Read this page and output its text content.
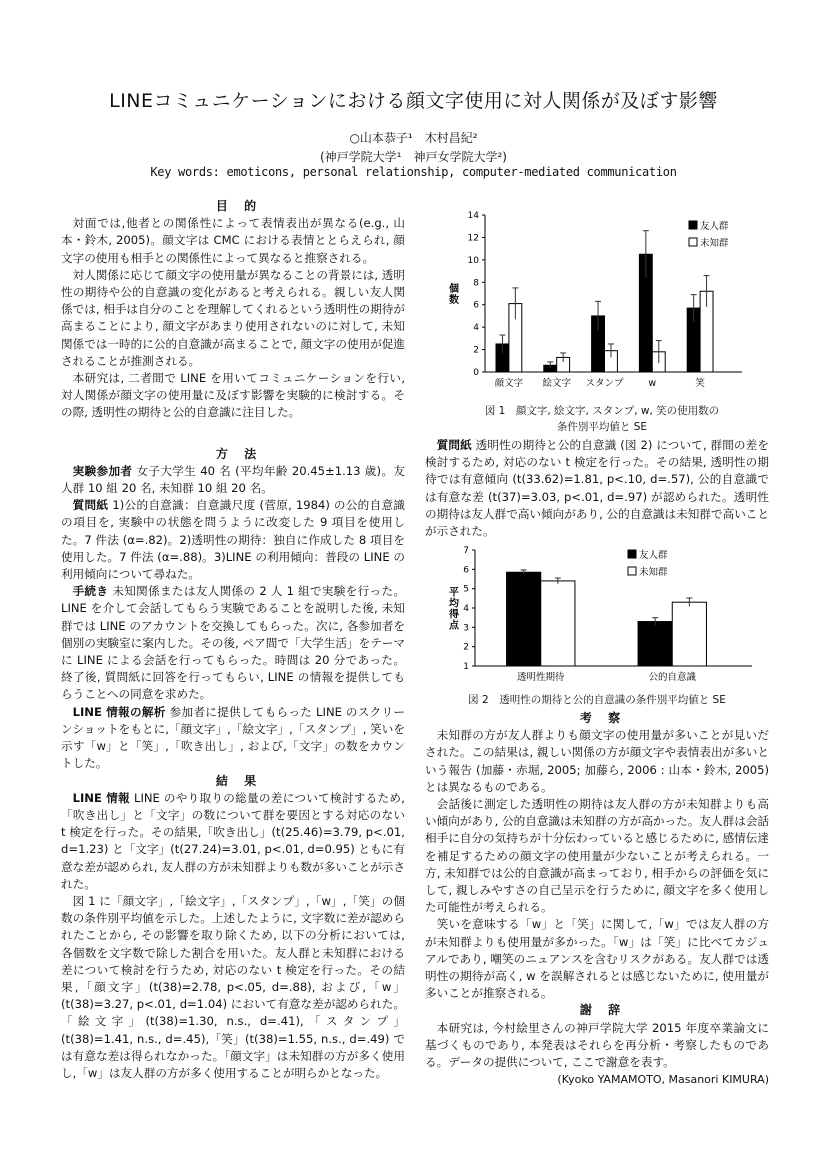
LINEコミュニケーションにおける顔文字使用に対人関係が及ぼす影響
○山本恭子¹　木村昌紀²
(神戸学院大学¹　神戸女学院大学²)
Key words: emoticons, personal relationship, computer-mediated communication

目 的

対面では,他者との関係性によって表情表出が異なる(e.g., 山本・鈴木, 2005)。顔文字は CMC における表情ととらえられ, 顔文字の使用も相手との関係性によって異なると推察される。

対人関係に応じて顔文字の使用量が異なることの背景には, 透明性の期待や公的自意識の変化があると考えられる。親しい友人関係では, 相手は自分のことを理解してくれるという透明性の期待が高まることにより, 顔文字があまり使用されないのに対して, 未知関係では一時的に公的自意識が高まることで, 顔文字の使用が促進されることが推測される。

本研究は, 二者間で LINE を用いてコミュニケーションを行い, 対人関係が顔文字の使用量に及ぼす影響を実験的に検討する。その際, 透明性の期待と公的自意識に注目した。

方 法

実験参加者 女子大学生 40 名 (平均年齢 20.45±1.13 歳)。友人群 10 組 20 名, 未知群 10 組 20 名。

質問紙 1)公的自意識：自意識尺度 (菅原, 1984) の公的自意識の項目を, 実験中の状態を問うように改変した 9 項目を使用した。7 件法 (α=.82)。2)透明性の期待：独自に作成した 8 項目を使用した。7 件法 (α=.88)。3)LINE の利用傾向：普段の LINE の利用傾向について尋ねた。

手続き 未知関係または友人関係の 2 人 1 組で実験を行った。LINE を介して会話してもらう実験であることを説明した後, 未知群では LINE のアカウントを交換してもらった。次に, 各参加者を個別の実験室に案内した。その後, ペア間で「大学生活」をテーマに LINE による会話を行ってもらった。時間は 20 分であった。終了後, 質問紙に回答を行ってもらい, LINE の情報を提供してもらうことへの同意を求めた。

LINE 情報の解析 参加者に提供してもらった LINE のスクリーンショットをもとに,「顔文字」,「絵文字」,「スタンプ」, 笑いを示す「w」と「笑」,「吹き出し」, および,「文字」の数をカウントした。

結 果

LINE 情報 LINE のやり取りの総量の差について検討するため,「吹き出し」と「文字」の数について群を要因とする対応のない t 検定を行った。その結果,「吹き出し」(t(25.46)=3.79, p<.01, d=1.23) と「文字」(t(27.24)=3.01, p<.01, d=0.95) ともに有意な差が認められ, 友人群の方が未知群よりも数が多いことが示された。

図 1 に「顔文字」,「絵文字」,「スタンプ」,「w」,「笑」の個数の条件別平均値を示した。上述したように, 文字数に差が認められたことから, その影響を取り除くため, 以下の分析においては, 各個数を文字数で除した割合を用いた。友人群と未知群における差について検討を行うため, 対応のない t 検定を行った。その結果,「顔文字」(t(38)=2.78, p<.05, d=.88), および,「w」(t(38)=3.27, p<.01, d=1.04) において有意な差が認められた。「絵文字」(t(38)=1.30, n.s., d=.41),「スタンプ」(t(38)=1.41, n.s., d=.45),「笑」(t(38)=1.55, n.s., d=.49) では有意な差は得られなかった。「顔文字」は未知群の方が多く使用し,「w」は友人群の方が多く使用することが明らかとなった。

0
2
4
6
8
10
12
14
個
数
顔文字 絵文字 スタンプ	w	笑
友人群
未知群
図 1　顔文字, 絵文字, スタンプ, w, 笑の使用数の
条件別平均値と SE

質問紙 透明性の期待と公的自意識 (図 2) について, 群間の差を検討するため, 対応のない t 検定を行った。その結果, 透明性の期待では有意傾向 (t(33.62)=1.81, p<.10, d=.57), 公的自意識では有意な差 (t(37)=3.03, p<.01, d=.97) が認められた。透明性の期待は友人群で高い傾向があり, 公的自意識は未知群で高いことが示された。

1
2
3
4
5
6
7
平
均
得
点
透明性期待	公的自意識
友人群
未知群
図 2　透明性の期待と公的自意識の条件別平均値と SE

考 察

未知群の方が友人群よりも顔文字の使用量が多いことが見いだされた。この結果は, 親しい関係の方が顔文字や表情表出が多いという報告 (加藤・赤堀, 2005; 加藤ら, 2006 : 山本・鈴木, 2005) とは異なるものである。

会話後に測定した透明性の期待は友人群の方が未知群よりも高い傾向があり, 公的自意識は未知群の方が高かった。友人群は会話相手に自分の気持ちが十分伝わっていると感じるために, 感情伝達を補足するための顔文字の使用量が少ないことが考えられる。一方, 未知群では公的自意識が高まっており, 相手からの評価を気にして, 親しみやすさの自己呈示を行うために, 顔文字を多く使用した可能性が考えられる。

笑いを意味する「w」と「笑」に関して,「w」では友人群の方が未知群よりも使用量が多かった。「w」は「笑」に比べてカジュアルであり, 嘲笑のニュアンスを含むリスクがある。友人群では透明性の期待が高く, w を誤解されるとは感じないために, 使用量が多いことが推察される。

謝 辞

本研究は, 今村絵里さんの神戸学院大学 2015 年度卒業論文に基づくものであり, 本発表はそれらを再分析・考察したものである。データの提供について, ここで謝意を表す。

(Kyoko YAMAMOTO, Masanori KIMURA)
